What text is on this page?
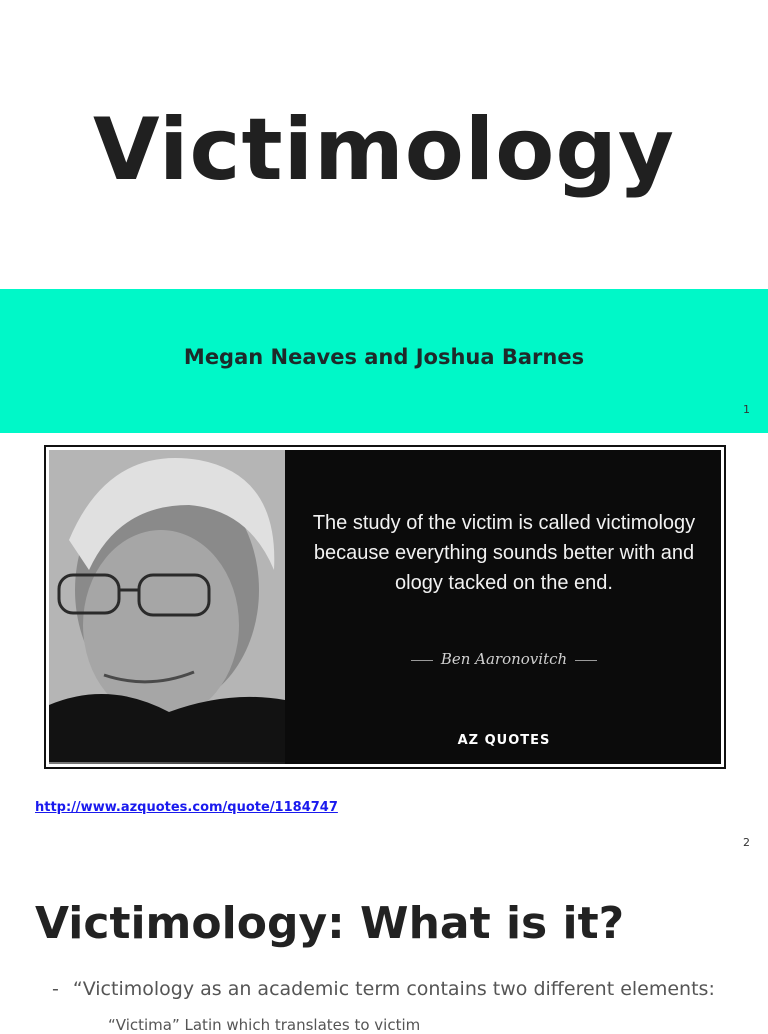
Victimology
Megan Neaves and Joshua Barnes
1
The study of the victim is called victimology because everything sounds better with and ology tacked on the end.
Ben Aaronovitch
AZ QUOTES
http://www.azquotes.com/quote/1184747
2
Victimology: What is it?
- “Victimology as an academic term contains two different elements:
“Victima” Latin which translates to victim
